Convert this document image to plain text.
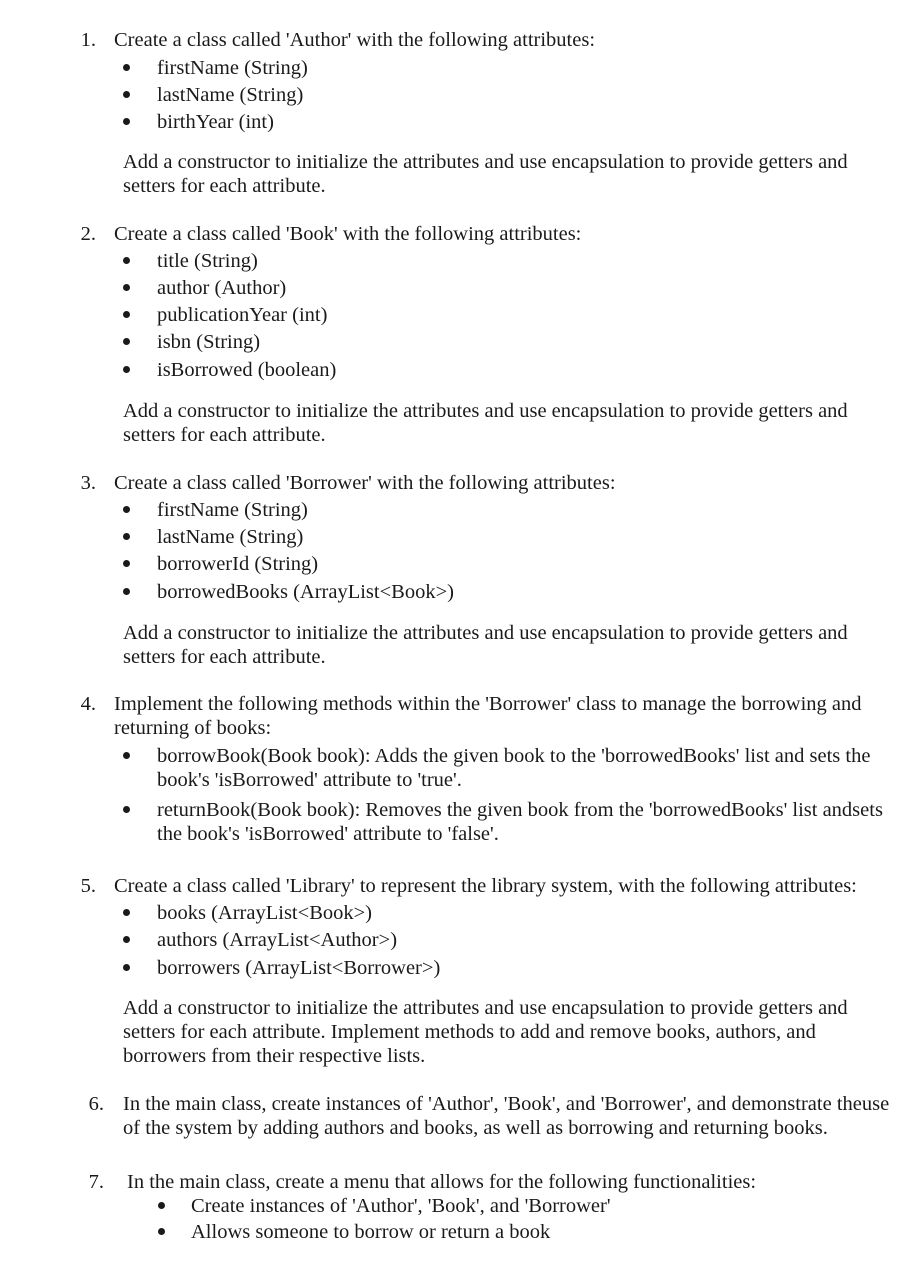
1. Create a class called 'Author' with the following attributes:
firstName (String)
lastName (String)
birthYear (int)
Add a constructor to initialize the attributes and use encapsulation to provide getters and
setters for each attribute.
2. Create a class called 'Book' with the following attributes:
title (String)
author (Author)
publicationYear (int)
isbn (String)
isBorrowed (boolean)
Add a constructor to initialize the attributes and use encapsulation to provide getters and
setters for each attribute.
3. Create a class called 'Borrower' with the following attributes:
firstName (String)
lastName (String)
borrowerId (String)
borrowedBooks (ArrayList<Book>)
Add a constructor to initialize the attributes and use encapsulation to provide getters and
setters for each attribute.
4. Implement the following methods within the 'Borrower' class to manage the borrowing and
returning of books:
borrowBook(Book book): Adds the given book to the 'borrowedBooks' list and sets the
book's 'isBorrowed' attribute to 'true'.
returnBook(Book book): Removes the given book from the 'borrowedBooks' list andsets
the book's 'isBorrowed' attribute to 'false'.
5. Create a class called 'Library' to represent the library system, with the following attributes:
books (ArrayList<Book>)
authors (ArrayList<Author>)
borrowers (ArrayList<Borrower>)
Add a constructor to initialize the attributes and use encapsulation to provide getters and
setters for each attribute. Implement methods to add and remove books, authors, and
borrowers from their respective lists.
6. In the main class, create instances of 'Author', 'Book', and 'Borrower', and demonstrate theuse
of the system by adding authors and books, as well as borrowing and returning books.
7. In the main class, create a menu that allows for the following functionalities:
Create instances of 'Author', 'Book', and 'Borrower'
Allows someone to borrow or return a book
